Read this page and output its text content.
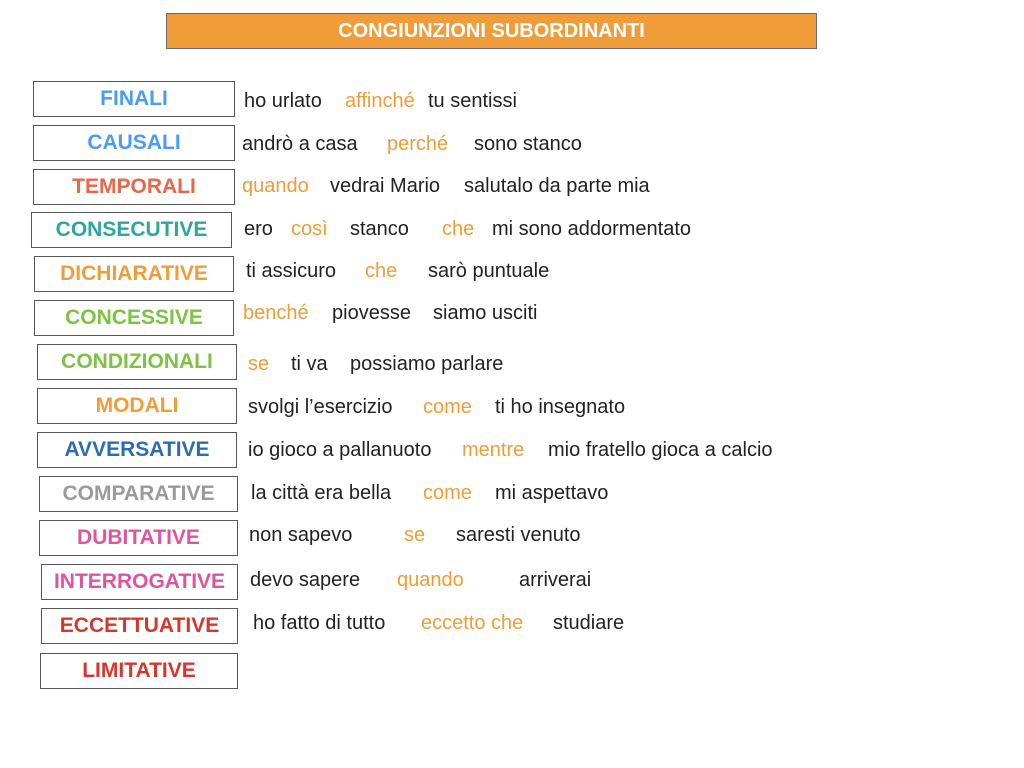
CONGIUNZIONI SUBORDINANTI
FINALI
CAUSALI
TEMPORALI
CONSECUTIVE
DICHIARATIVE
CONCESSIVE
CONDIZIONALI
MODALI
AVVERSATIVE
COMPARATIVE
DUBITATIVE
INTERROGATIVE
ECCETTUATIVE
LIMITATIVE
ho urlato affinché tu sentissi
andrò a casa perché sono stanco
quando vedrai Mario salutalo da parte mia
ero così stanco che mi sono addormentato
ti assicuro che sarò puntuale
benché piovesse siamo usciti
se ti va possiamo parlare
svolgi l’esercizio come ti ho insegnato
io gioco a pallanuoto mentre mio fratello gioca a calcio
la città era bella come mi aspettavo
non sapevo	se saresti venuto
devo sapere quando	arriverai
ho fatto di tutto eccetto che studiare
